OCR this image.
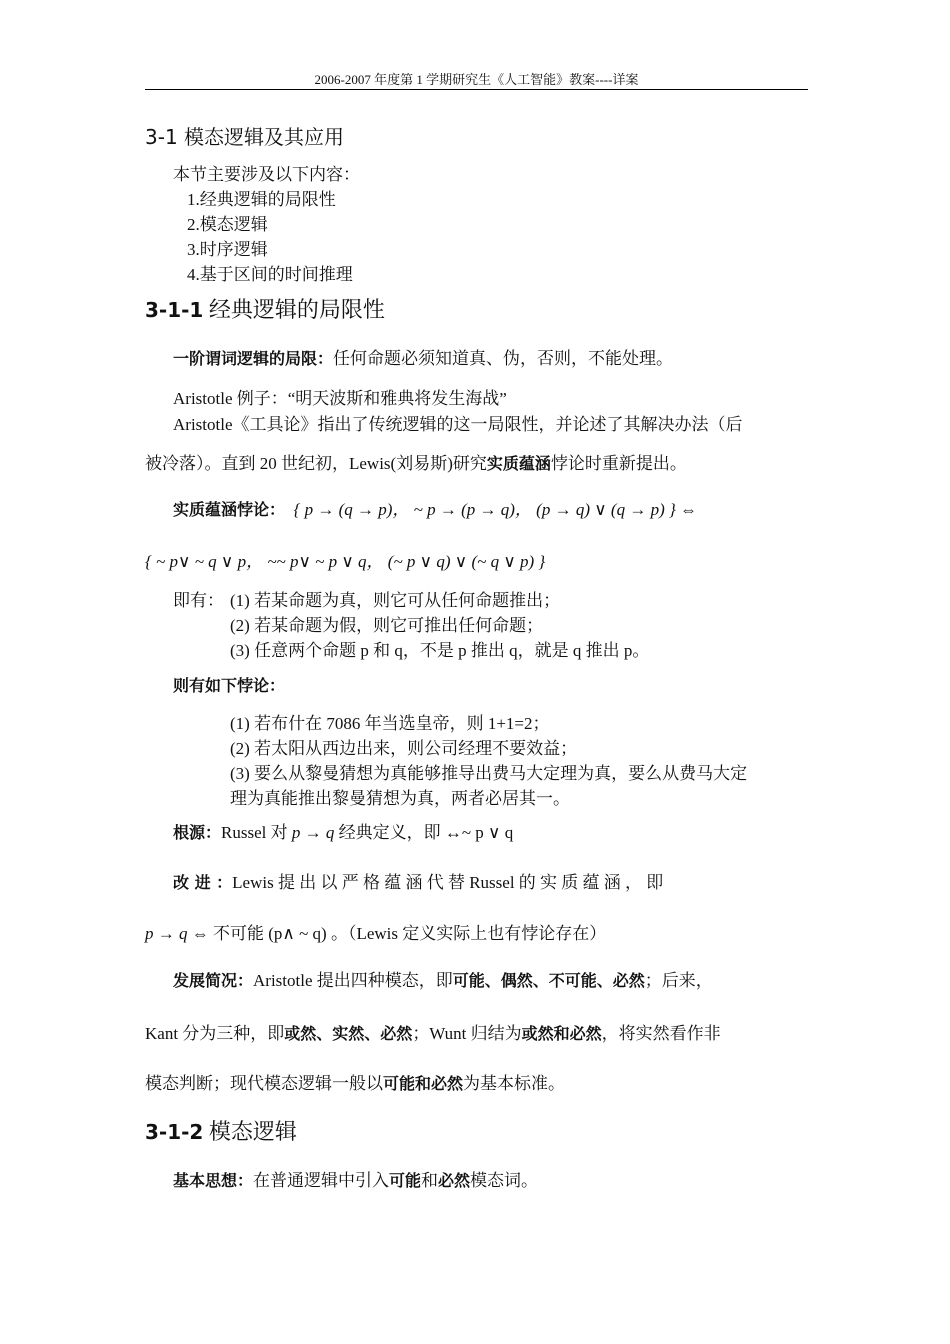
2006-2007 年度第 1 学期研究生《人工智能》教案----详案
3-1 模态逻辑及其应用
本节主要涉及以下内容：
1.经典逻辑的局限性
2.模态逻辑
3.时序逻辑
4.基于区间的时间推理
3-1-1 经典逻辑的局限性
一阶谓词逻辑的局限：任何命题必须知道真、伪，否则，不能处理。
Aristotle 例子：“明天波斯和雅典将发生海战”
Aristotle《工具论》指出了传统逻辑的这一局限性，并论述了其解决办法（后
被冷落）。直到 20 世纪初，Lewis(刘易斯)研究实质蕴涵悖论时重新提出。
实质蕴涵悖论： { p → (q → p)， ~ p → (p → q)， (p → q) ∨ (q → p) } ⇔
{ ~ p∨ ~ q ∨ p， ~~ p∨ ~ p ∨ q， (~ p ∨ q) ∨ (~ q ∨ p) }
即有： (1) 若某命题为真，则它可从任何命题推出；
(2) 若某命题为假，则它可推出任何命题；
(3) 任意两个命题 p 和 q，不是 p 推出 q，就是 q 推出 p。
则有如下悖论：
(1) 若布什在 7086 年当选皇帝，则 1+1=2；
(2) 若太阳从西边出来，则公司经理不要效益；
(3) 要么从黎曼猜想为真能够推导出费马大定理为真，要么从费马大定
理为真能推出黎曼猜想为真，两者必居其一。
根源：Russel 对 p → q 经典定义，即 ↔~ p ∨ q
改 进 ：Lewis 提 出 以 严 格 蕴 涵 代 替 Russel 的 实 质 蕴 涵 ， 即
p → q ⇔ 不可能 (p∧ ~ q) 。（Lewis 定义实际上也有悖论存在）
发展简况：Aristotle 提出四种模态，即可能、偶然、不可能、必然；后来，
Kant 分为三种，即或然、实然、必然；Wunt 归结为或然和必然，将实然看作非
模态判断；现代模态逻辑一般以可能和必然为基本标准。
3-1-2 模态逻辑
基本思想：在普通逻辑中引入可能和必然模态词。
